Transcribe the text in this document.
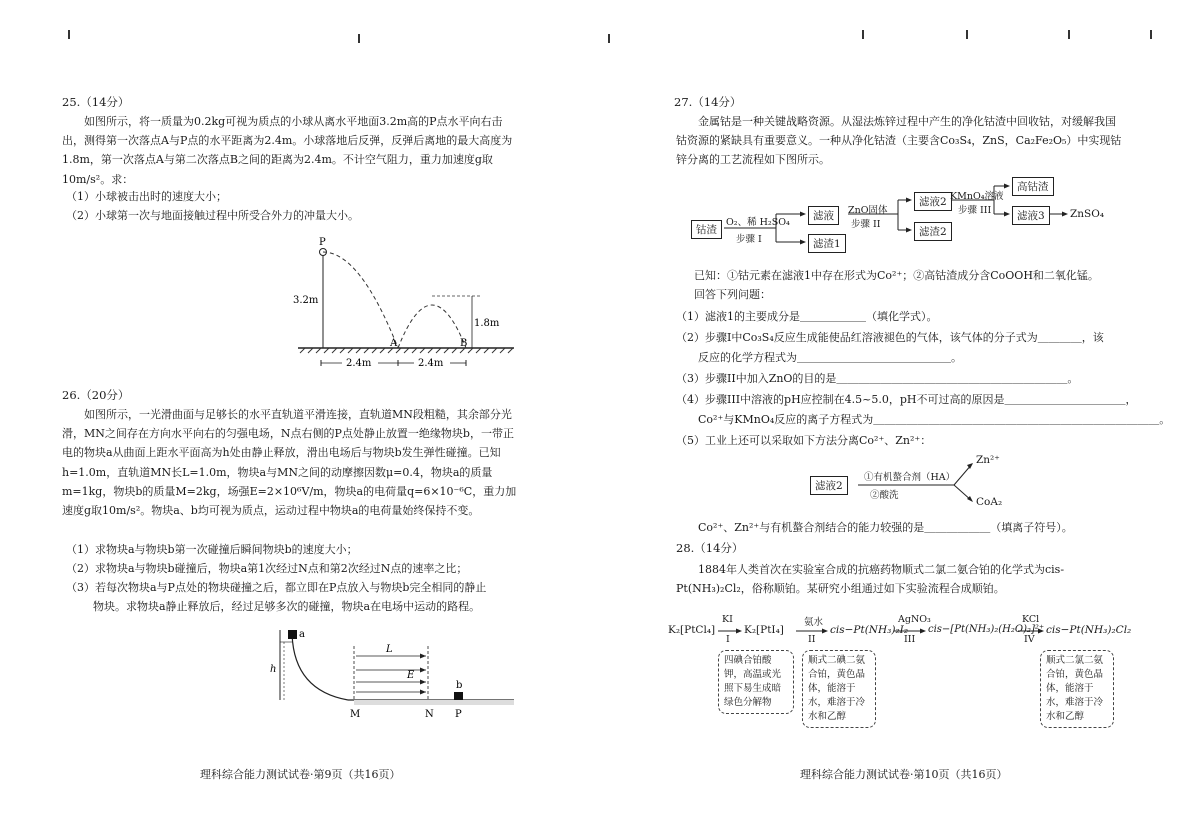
25.（14分）

如图所示，将一质量为0.2kg可视为质点的小球从离水平地面3.2m高的P点水平向右击出，测得第一次落点A与P点的水平距离为2.4m。小球落地后反弹，反弹后离地的最大高度为1.8m，第一次落点A与第二次落点B之间的距离为2.4m。不计空气阻力，重力加速度g取10m/s²。求：

（1）小球被击出时的速度大小；

（2）小球第一次与地面接触过程中所受合外力的冲量大小。

P
3.2m
1.8m
A	B
2.4m	2.4m
26.（20分）

如图所示，一光滑曲面与足够长的水平直轨道平滑连接，直轨道MN段粗糙，其余部分光滑，MN之间存在方向水平向右的匀强电场，N点右侧的P点处静止放置一绝缘物块b，一带正电的物块a从曲面上距水平面高为h处由静止释放，滑出电场后与物块b发生弹性碰撞。已知h=1.0m，直轨道MN长L=1.0m，物块a与MN之间的动摩擦因数μ=0.4，物块a的质量m=1kg，物块b的质量M=2kg，场强E=2×10⁶V/m，物块a的电荷量q=6×10⁻⁶C，重力加速度g取10m/s²。物块a、b均可视为质点，运动过程中物块a的电荷量始终保持不变。

（1）求物块a与物块b第一次碰撞后瞬间物块b的速度大小；

（2）求物块a与物块b碰撞后，物块a第1次经过N点和第2次经过N点的速率之比；

（3）若每次物块a与P点处的物块碰撞之后，都立即在P点放入与物块b完全相同的静止

物块。求物块a静止释放后，经过足够多次的碰撞，物块a在电场中运动的路程。

a
h
L
E
b
M	N P
理科综合能力测试试卷·第9页（共16页）
27.（14分）

金属钴是一种关键战略资源。从湿法炼锌过程中产生的净化钴渣中回收钴，对缓解我国钴资源的紧缺具有重要意义。一种从净化钴渣（主要含Co₃S₄，ZnS，Ca₂Fe₂O₅）中实现钴锌分离的工艺流程如下图所示。

钴渣
O₂、稀 H₂SO₄
步骤 I
滤液
滤渣1
ZnO固体
步骤 II
滤液2
滤渣2
KMnO₄溶液
步骤 III
高钴渣
滤液3	ZnSO₄

已知：①钴元素在滤液1中存在形式为Co²⁺；②高钴渣成分含CoOOH和二氧化锰。

回答下列问题：

（1）滤液1的主要成分是＿＿＿＿＿＿（填化学式）。

（2）步骤Ⅰ中Co₃S₄反应生成能使品红溶液褪色的气体，该气体的分子式为＿＿＿＿，该

反应的化学方程式为＿＿＿＿＿＿＿＿＿＿＿＿＿＿。

（3）步骤II中加入ZnO的目的是＿＿＿＿＿＿＿＿＿＿＿＿＿＿＿＿＿＿＿＿＿。

（4）步骤III中溶液的pH应控制在4.5~5.0，pH不可过高的原因是＿＿＿＿＿＿＿＿＿＿＿，

Co²⁺与KMnO₄反应的离子方程式为＿＿＿＿＿＿＿＿＿＿＿＿＿＿＿＿＿＿＿＿＿＿＿＿＿＿。

（5）工业上还可以采取如下方法分离Co²⁺、Zn²⁺：

滤液2
①有机螯合剂（HA）
②酸洗
Zn²⁺
CoA₂

Co²⁺、Zn²⁺与有机螯合剂结合的能力较强的是＿＿＿＿＿＿（填离子符号）。

28.（14分）

1884年人类首次在实验室合成的抗癌药物顺式二氯二氨合铂的化学式为cis-Pt(NH₃)₂Cl₂，俗称顺铂。某研究小组通过如下实验流程合成顺铂。

K₂[PtCl₄]
KI
I
K₂[PtI₄]
氨水
II
cis−Pt(NH₃)₂I₂
AgNO₃
III
cis−[Pt(NH₃)₂(H₂O)₂]²⁺
KCl
IV
cis−Pt(NH₃)₂Cl₂
四碘合铂酸钾，高温或光照下易生成暗绿色分解物
顺式二碘二氨合铂，黄色晶体，能溶于水，难溶于冷水和乙醇
顺式二氯二氨合铂，黄色晶体，能溶于水，难溶于冷水和乙醇
理科综合能力测试试卷·第10页（共16页）
